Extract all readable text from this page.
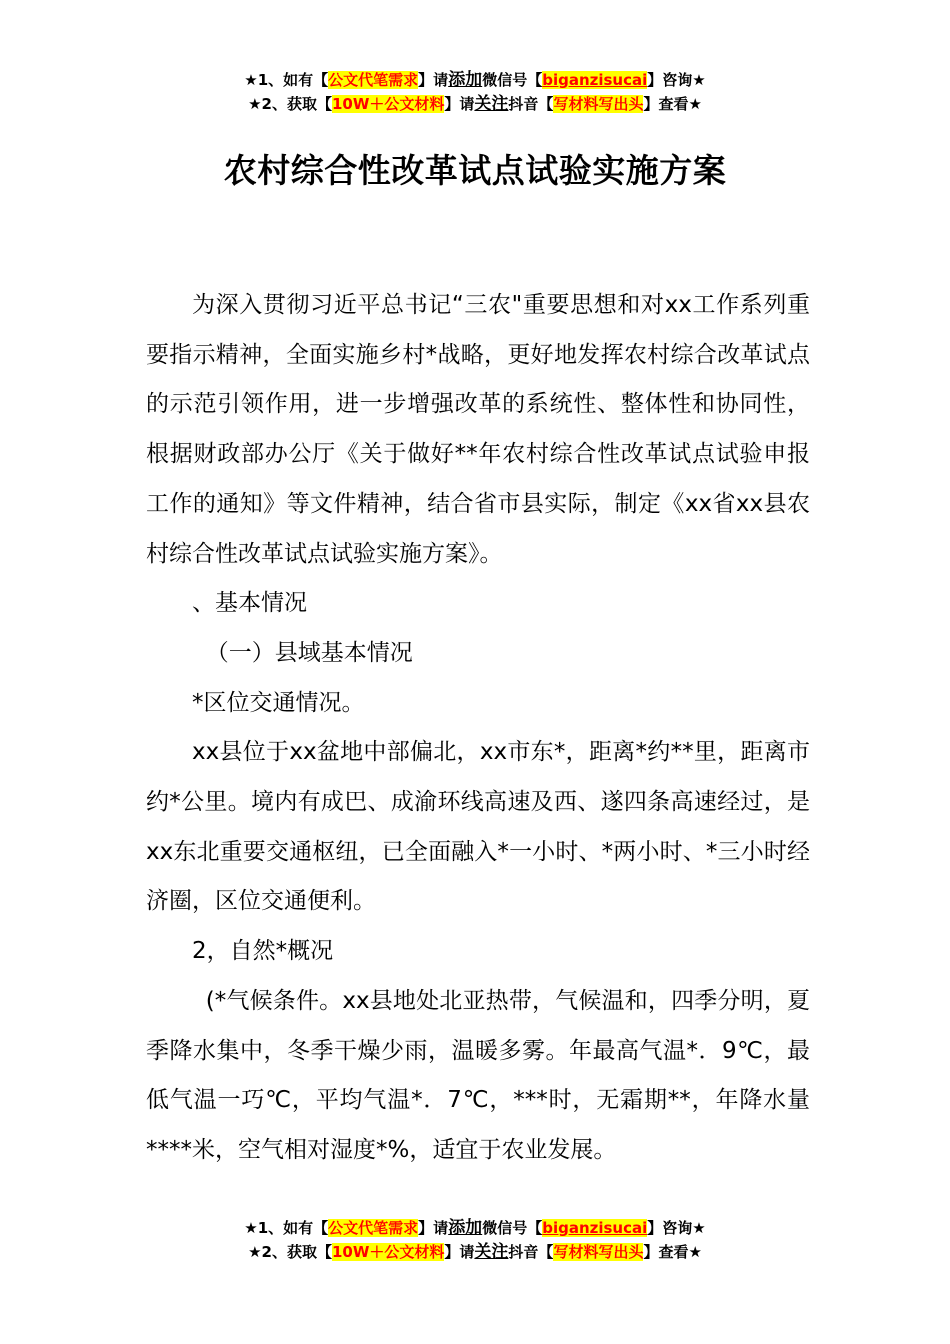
★1、如有【公文代笔需求】请添加微信号【biganzisucai】咨询★
★2、获取【10W＋公文材料】请关注抖音【写材料写出头】查看★
农村综合性改革试点试验实施方案

为深入贯彻习近平总书记“三农"重要思想和对xx工作系列重要指示精神，全面实施乡村*战略，更好地发挥农村综合改革试点的示范引领作用，进一步增强改革的系统性、整体性和协同性，根据财政部办公厅《关于做好**年农村综合性改革试点试验申报工作的通知》等文件精神，结合省市县实际，制定《xx省xx县农村综合性改革试点试验实施方案》。

、基本情况

（一）县域基本情况

*区位交通情况。

xx县位于xx盆地中部偏北，xx市东*，距离*约**里，距离市约*公里。境内有成巴、成渝环线高速及西、遂四条高速经过，是xx东北重要交通枢纽，已全面融入*一小时、*两小时、*三小时经济圈，区位交通便利。

2，自然*概况

(*气候条件。xx县地处北亚热带，气候温和，四季分明，夏季降水集中，冬季干燥少雨，温暖多雾。年最高气温*．9℃，最低气温一巧℃，平均气温*．7℃，***时，无霜期**，年降水量****米，空气相对湿度*%，适宜于农业发展。

★1、如有【公文代笔需求】请添加微信号【biganzisucai】咨询★
★2、获取【10W＋公文材料】请关注抖音【写材料写出头】查看★
